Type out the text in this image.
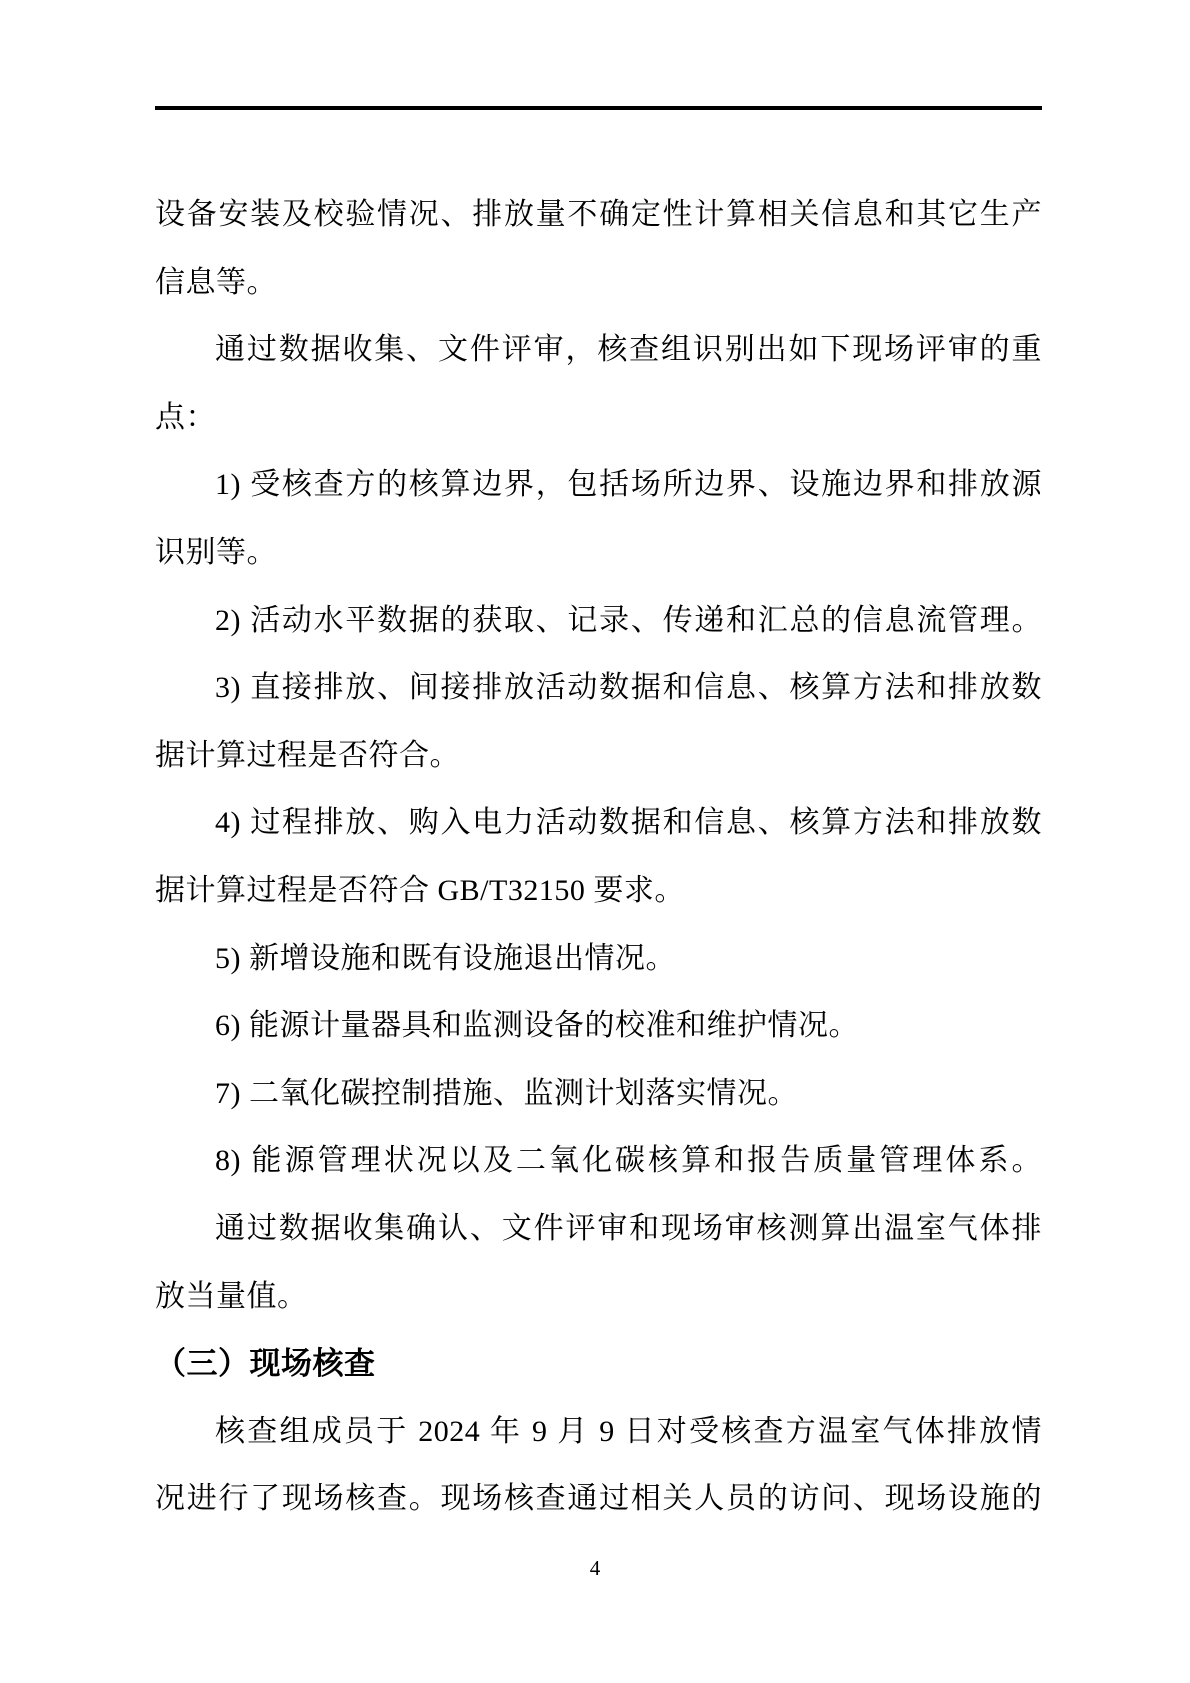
设备安装及校验情况、排放量不确定性计算相关信息和其它生产
信息等。
通过数据收集、文件评审，核查组识别出如下现场评审的重
点：
1) 受核查方的核算边界，包括场所边界、设施边界和排放源
识别等。
2) 活动水平数据的获取、记录、传递和汇总的信息流管理。
3) 直接排放、间接排放活动数据和信息、核算方法和排放数
据计算过程是否符合。
4) 过程排放、购入电力活动数据和信息、核算方法和排放数
据计算过程是否符合 GB/T32150 要求。
5) 新增设施和既有设施退出情况。
6) 能源计量器具和监测设备的校准和维护情况。
7) 二氧化碳控制措施、监测计划落实情况。
8) 能源管理状况以及二氧化碳核算和报告质量管理体系。
通过数据收集确认、文件评审和现场审核测算出温室气体排
放当量值。
（三）现场核查
核查组成员于 2024 年 9 月 9 日对受核查方温室气体排放情
况进行了现场核查。现场核查通过相关人员的访问、现场设施的
4
